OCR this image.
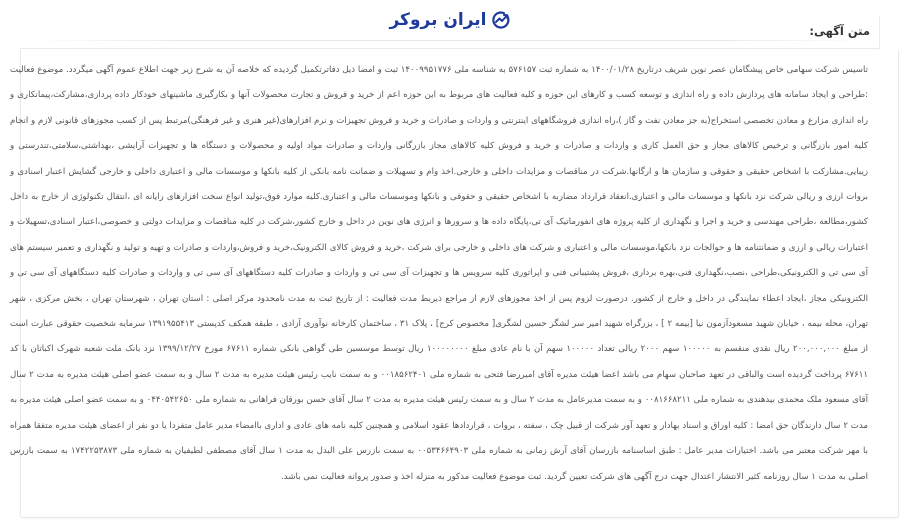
ایران بروکر
متن آگهی:

تاسیس شرکت سهامی خاص پیشگامان عصر نوین شریف درتاریخ ۱۴۰۰/۰۱/۲۸ به شماره ثبت ۵۷۶۱۵۷ به شناسه ملی ۱۴۰۰۹۹۵۱۷۷۶ ثبت و امضا ذیل دفاترتکمیل گردیده که خلاصه آن به شرح زیر جهت اطلاع عموم آگهی میگردد. موضوع فعالیت :طراحی و ایجاد سامانه های پردازش داده و راه اندازی و توسعه کسب و کارهای این حوزه و کلیه فعالیت های مربوط به این حوزه اعم از خرید و فروش و تجارت محصولات آنها و بکارگیری ماشینهای خودکار داده پردازی،مشارکت،پیمانکاری و راه اندازی مزارع و معادن تخصصی استخراج(به جز معادن نفت و گاز )،راه اندازی فروشگاههای اینترنتی و واردات و صادرات و خرید و فروش تجهیزات و نرم افزارهای(غیر هنری و غیر فرهنگی)مرتبط پس از کسب مجوزهای قانونی لازم و انجام کلیه امور بازرگانی و ترخیص کالاهای مجاز و حق العمل کاری و واردات و صادرات و خرید و فروش کلیه کالاهای مجاز بازرگانی واردات و صادرات مواد اولیه و محصولات و دستگاه ها و تجهیزات آرایشی ،بهداشتی،سلامتی،تندرستی و زیبایی.مشارکت با اشخاص حقیقی و حقوقی و سازمان ها و ارگانها.شرکت در مناقصات و مزایدات داخلی و خارجی.اخذ وام و تسهیلات و ضمانت نامه بانکی از کلیه بانکها و موسسات مالی و اعتباری داخلی و خارجی گشایش اعتبار اسنادی و بروات ارزی و ریالی شرکت نزد بانکها و موسسات مالی و اعتباری.انعقاد قرارداد مضاربه با اشخاص حقیقی و حقوقی و بانکها وموسسات مالی و اعتباری.کلیه موارد فوق،تولید انواع سخت افزارهای رایانه ای ،انتقال تکنولوژی از خارج به داخل کشور،مطالعه ،طراحی مهندسی و خرید و اجرا و نگهداری از کلیه پروژه های انفورماتیک آی تی،پایگاه داده ها و سرورها و انرژی های نوین در داخل و خارج کشور،شرکت در کلیه مناقصات و مزایدات دولتی و خصوصی،اعتبار اسنادی،تسهیلات و اعتبارات ریالی و ارزی و ضمانتنامه ها و حوالجات نزد بانکها،موسسات مالی و اعتباری و شرکت های داخلی و خارجی برای شرکت ،خرید و فروش کالای الکترونیک،خرید و فروش،واردات و صادرات و تهیه و تولید و نگهداری و تعمیر سیستم های آی سی تی و الکترونیکی،طراحی ،نصب،نگهداری فنی،بهره برداری ،فروش پشتیبانی فنی و اپراتوری کلیه سرویس ها و تجهیزات آی سی تی و واردات و صادرات کلیه دستگاههای آی سی تی و واردات و صادرات کلیه دستگاههای آی سی تی و الکترونیکی مجاز ،ایجاد اعطاء نمایندگی در داخل و خارج از کشور. درصورت لزوم پس از اخذ مجوزهای لازم از مراجع ذیربط مدت فعالیت : از تاریخ ثبت به مدت نامحدود مرکز اصلی : استان تهران ، شهرستان تهران ، بخش مرکزی ، شهر تهران، محله بیمه ، خیابان شهید مسعودآزمون نیا [بیمه ۲ ] ، بزرگراه شهید امیر سر لشگر حسین لشگری[ مخصوص کرج] ، پلاک ۳۱ ، ساختمان کارخانه نوآوری آزادی ، طبقه همکف کدپستی ۱۳۹۱۹۵۵۴۱۳ سرمایه شخصیت حقوقی عبارت است از مبلغ ۲۰۰,۰۰۰,۰۰۰ ریال نقدی منقسم به ۱۰۰۰۰۰ سهم ۲۰۰۰ ریالی تعداد ۱۰۰۰۰۰ سهم آن با نام عادی مبلغ ۱۰۰۰۰۰۰۰۰ ریال توسط موسسین طی گواهی بانکی شماره ۶۷۶۱۱ مورخ ۱۳۹۹/۱۲/۲۷ نزد بانک ملت شعبه شهرک اکباتان با کد ۶۷۶۱۱ پرداخت گردیده است والباقی در تعهد صاحبان سهام می باشد اعضا هیئت مدیره آقای امیررضا فتحی به شماره ملی ۰۰۱۸۵۶۲۴۰۱ و به سمت نایب رئیس هیئت مدیره به مدت ۲ سال و به سمت عضو اصلی هیئت مدیره به مدت ۲ سال آقای مسعود ملک محمدی بیدهندی به شماره ملی ۰۰۸۱۶۶۸۲۱۱ و به سمت مدیرعامل به مدت ۲ سال و به سمت رئیس هیئت مدیره به مدت ۲ سال آقای حسن بورقان فراهانی به شماره ملی ۰۴۴۰۵۴۲۶۵۰ و به سمت عضو اصلی هیئت مدیره به مدت ۲ سال دارندگان حق امضا : کلیه اوراق و اسناد بهادار و تعهد آور شرکت از قبیل چک ، سفته ، بروات ، قراردادها عقود اسلامی و همچنین کلیه نامه های عادی و اداری باامضاء مدیر عامل متفردا یا دو نفر از اعضای هیئت مدیره متفقا همراه با مهر شرکت معتبر می باشد. اختیارات مدیر عامل : طبق اساسنامه بازرسان آقای آرش زمانی به شماره ملی ۰۰۵۳۴۶۶۴۹۰۳ به سمت بازرس علی البدل به مدت ۱ سال آقای مصطفی لطیفیان به شماره ملی ۱۷۴۲۲۵۳۸۷۳ به سمت بازرس اصلی به مدت ۱ سال روزنامه کثیر الانتشار اعتدال جهت درج آگهی های شرکت تعیین گردید. ثبت موضوع فعالیت مذکور به منزله اخذ و صدور پروانه فعالیت نمی باشد.
